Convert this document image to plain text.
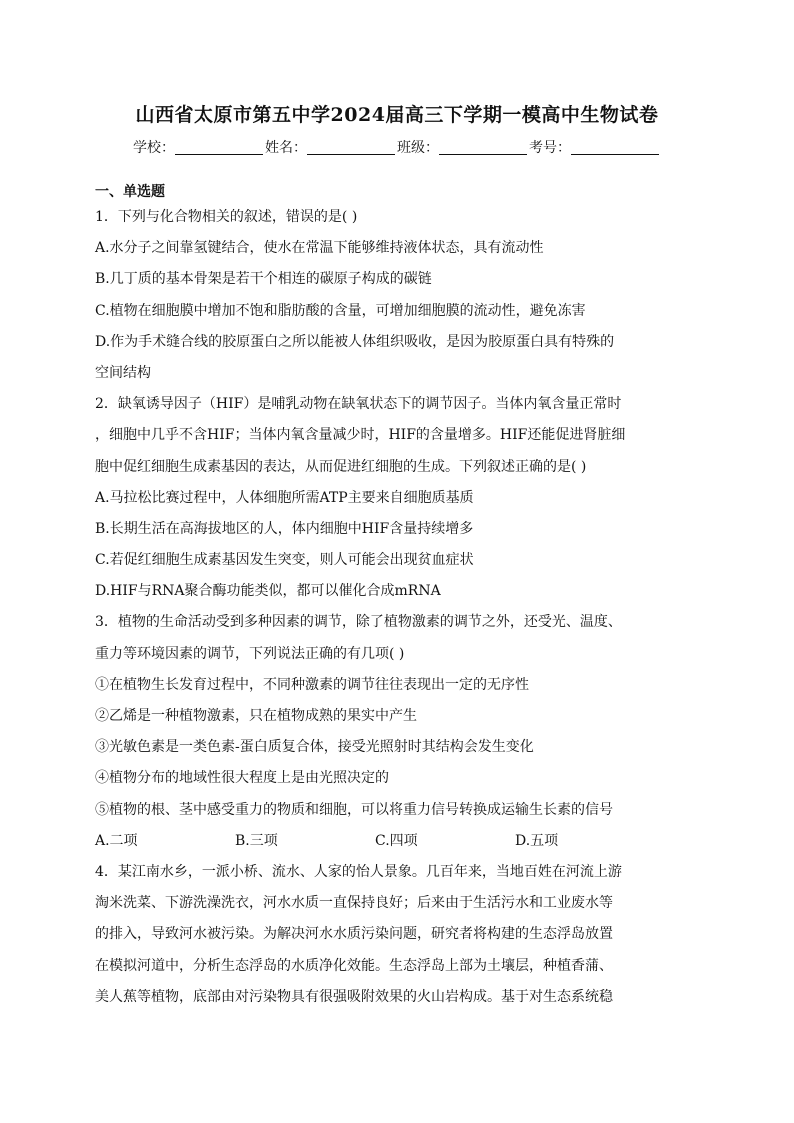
山西省太原市第五中学2024届高三下学期一模高中生物试卷
学校：	姓名：	班级：	考号：
一、单选题
1．下列与化合物相关的叙述，错误的是( )
A.水分子之间靠氢键结合，使水在常温下能够维持液体状态，具有流动性
B.几丁质的基本骨架是若干个相连的碳原子构成的碳链
C.植物在细胞膜中增加不饱和脂肪酸的含量，可增加细胞膜的流动性，避免冻害
D.作为手术缝合线的胶原蛋白之所以能被人体组织吸收，是因为胶原蛋白具有特殊的
空间结构
2．缺氧诱导因子（HIF）是哺乳动物在缺氧状态下的调节因子。当体内氧含量正常时
，细胞中几乎不含HIF；当体内氧含量减少时，HIF的含量增多。HIF还能促进肾脏细
胞中促红细胞生成素基因的表达，从而促进红细胞的生成。下列叙述正确的是( )
A.马拉松比赛过程中，人体细胞所需ATP主要来自细胞质基质
B.长期生活在高海拔地区的人，体内细胞中HIF含量持续增多
C.若促红细胞生成素基因发生突变，则人可能会出现贫血症状
D.HIF与RNA聚合酶功能类似，都可以催化合成mRNA
3．植物的生命活动受到多种因素的调节，除了植物激素的调节之外，还受光、温度、
重力等环境因素的调节，下列说法正确的有几项( )
①在植物生长发育过程中，不同种激素的调节往往表现出一定的无序性
②乙烯是一种植物激素，只在植物成熟的果实中产生
③光敏色素是一类色素-蛋白质复合体，接受光照射时其结构会发生变化
④植物分布的地域性很大程度上是由光照决定的
⑤植物的根、茎中感受重力的物质和细胞，可以将重力信号转换成运输生长素的信号
A.二项	B.三项	C.四项	D.五项
4．某江南水乡，一派小桥、流水、人家的怡人景象。几百年来，当地百姓在河流上游
淘米洗菜、下游洗澡洗衣，河水水质一直保持良好；后来由于生活污水和工业废水等
的排入，导致河水被污染。为解决河水水质污染问题，研究者将构建的生态浮岛放置
在模拟河道中，分析生态浮岛的水质净化效能。生态浮岛上部为土壤层，种植香蒲、
美人蕉等植物，底部由对污染物具有很强吸附效果的火山岩构成。基于对生态系统稳
